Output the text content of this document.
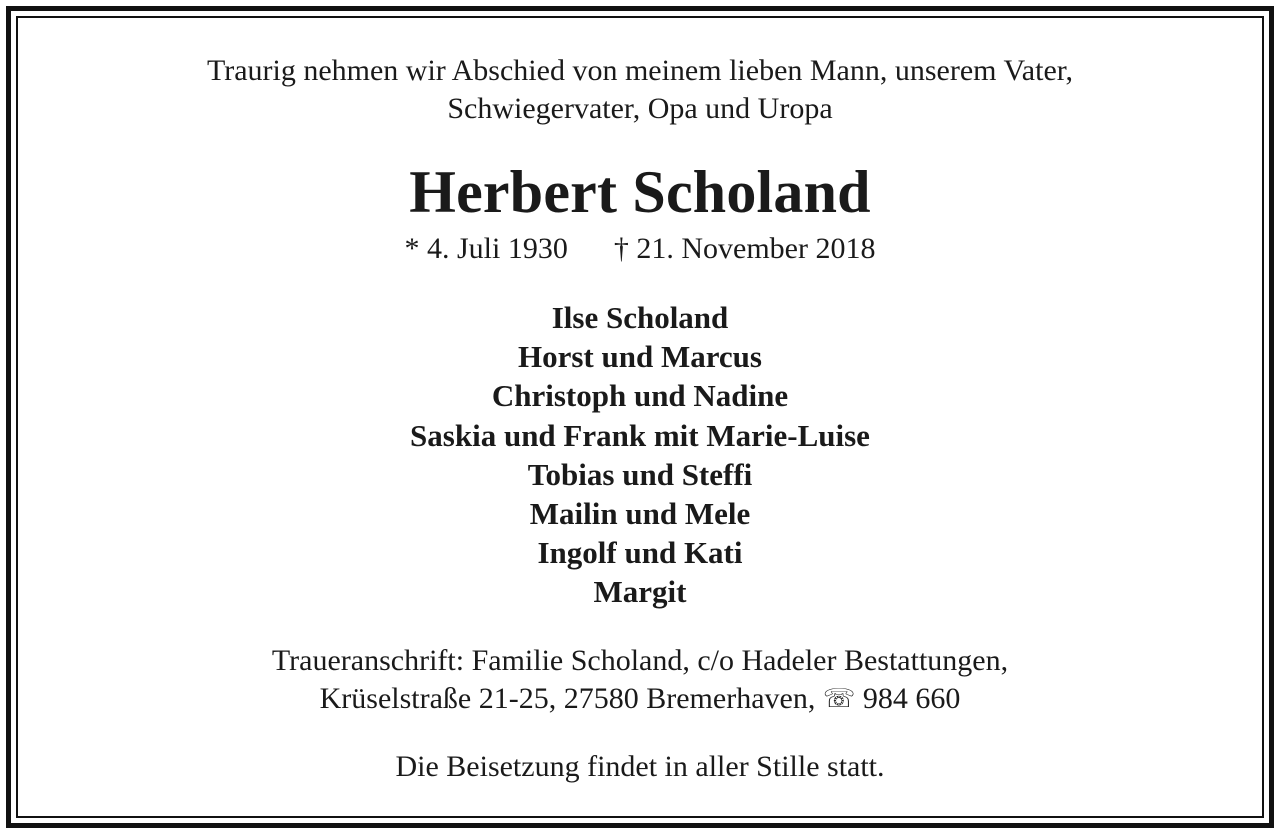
Traurig nehmen wir Abschied von meinem lieben Mann, unserem Vater,
Schwiegervater, Opa und Uropa
Herbert Scholand
* 4. Juli 1930 † 21. November 2018
Ilse Scholand
Horst und Marcus
Christoph und Nadine
Saskia und Frank mit Marie-Luise
Tobias und Steffi
Mailin und Mele
Ingolf und Kati
Margit
Traueranschrift: Familie Scholand, c/o Hadeler Bestattungen,
Krüselstraße 21-25, 27580 Bremerhaven, ☏ 984 660
Die Beisetzung findet in aller Stille statt.
